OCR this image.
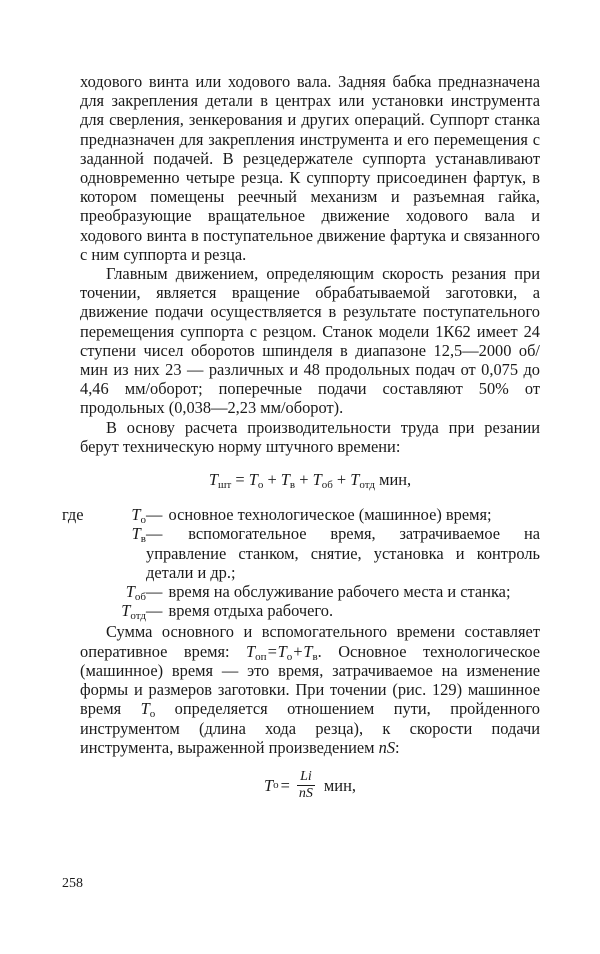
ходового винта или ходового вала. Задняя бабка предназначена для закрепления детали в центрах или установки инструмента для сверления, зенкерования и других операций. Суппорт станка предназначен для закрепления инструмента и его перемещения с заданной подачей. В резцедержателе суппорта устанавливают одновременно четыре резца. К суппорту присоединен фартук, в котором помещены реечный механизм и разъемная гайка, преобразующие вращательное движение ходового вала и ходового винта в поступательное движение фартука и связанного с ним суппорта и резца.

Главным движением, определяющим скорость резания при точении, является вращение обрабатываемой заготовки, а движение подачи осуществляется в результате поступательного перемещения суппорта с резцом. Станок модели 1К62 имеет 24 ступени чисел оборотов шпинделя в диапазоне 12,5—2000 об/мин из них 23 — различных и 48 продольных подач от 0,075 до 4,46 мм/оборот; поперечные подачи составляют 50% от продольных (0,038—2,23 мм/оборот).

В основу расчета производительности труда при резании берут техническую норму штучного времени:

$T_{шт} = T_о + T_в + T_{об} + T_{отд}$ мин,

где	$T_о$ — основное технологическое (машинное) время;
$T_в$ — вспомогательное время, затрачиваемое на управление станком, снятие, установка и контроль детали и др.;
$T_{об}$ — время на обслуживание рабочего места и станка;
$T_{отд}$ — время отдыха рабочего.

Сумма основного и вспомогательного времени составляет оперативное время: $T_{оп}=T_о+T_в$. Основное технологическое (машинное) время — это время, затрачиваемое на изменение формы и размеров заготовки. При точении (рис. 129) машинное время $T_о$ определяется отношением пути, пройденного инструментом (длина хода резца), к скорости подачи инструмента, выраженной произведением nS:

T $о = \frac{Li}{nS}$ мин,

258
